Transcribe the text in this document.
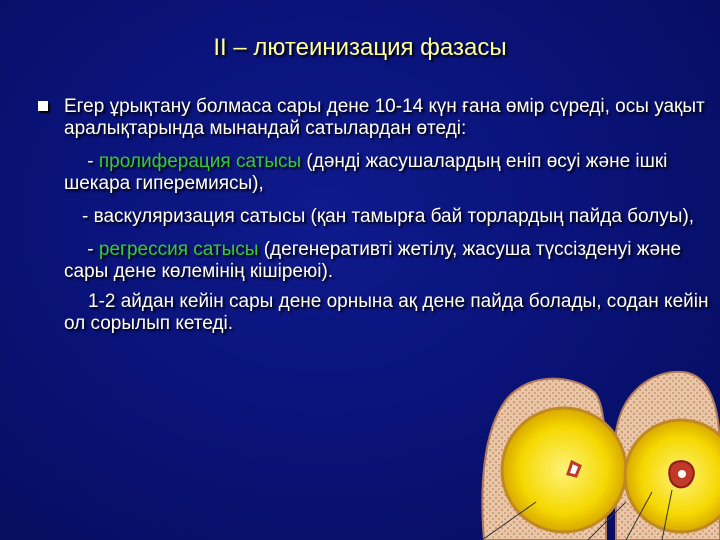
II – лютеинизация фазасы
Егер ұрықтану болмаса сары дене 10-14 күн ғана өмір сүреді, осы уақыт аралықтарында мынандай сатылардан өтеді:
- пролиферация сатысы (дәнді жасушалардың еніп өсуі және ішкі шекара гиперемиясы),
- васкуляризация сатысы (қан тамырға бай торлардың пайда болуы),
- регрессия сатысы (дегенеративті жетілу, жасуша түссізденуі және сары дене көлемінің кішіреюі).
1-2 айдан кейін сары дене орнына ақ дене пайда болады, содан кейін ол сорылып кетеді.
